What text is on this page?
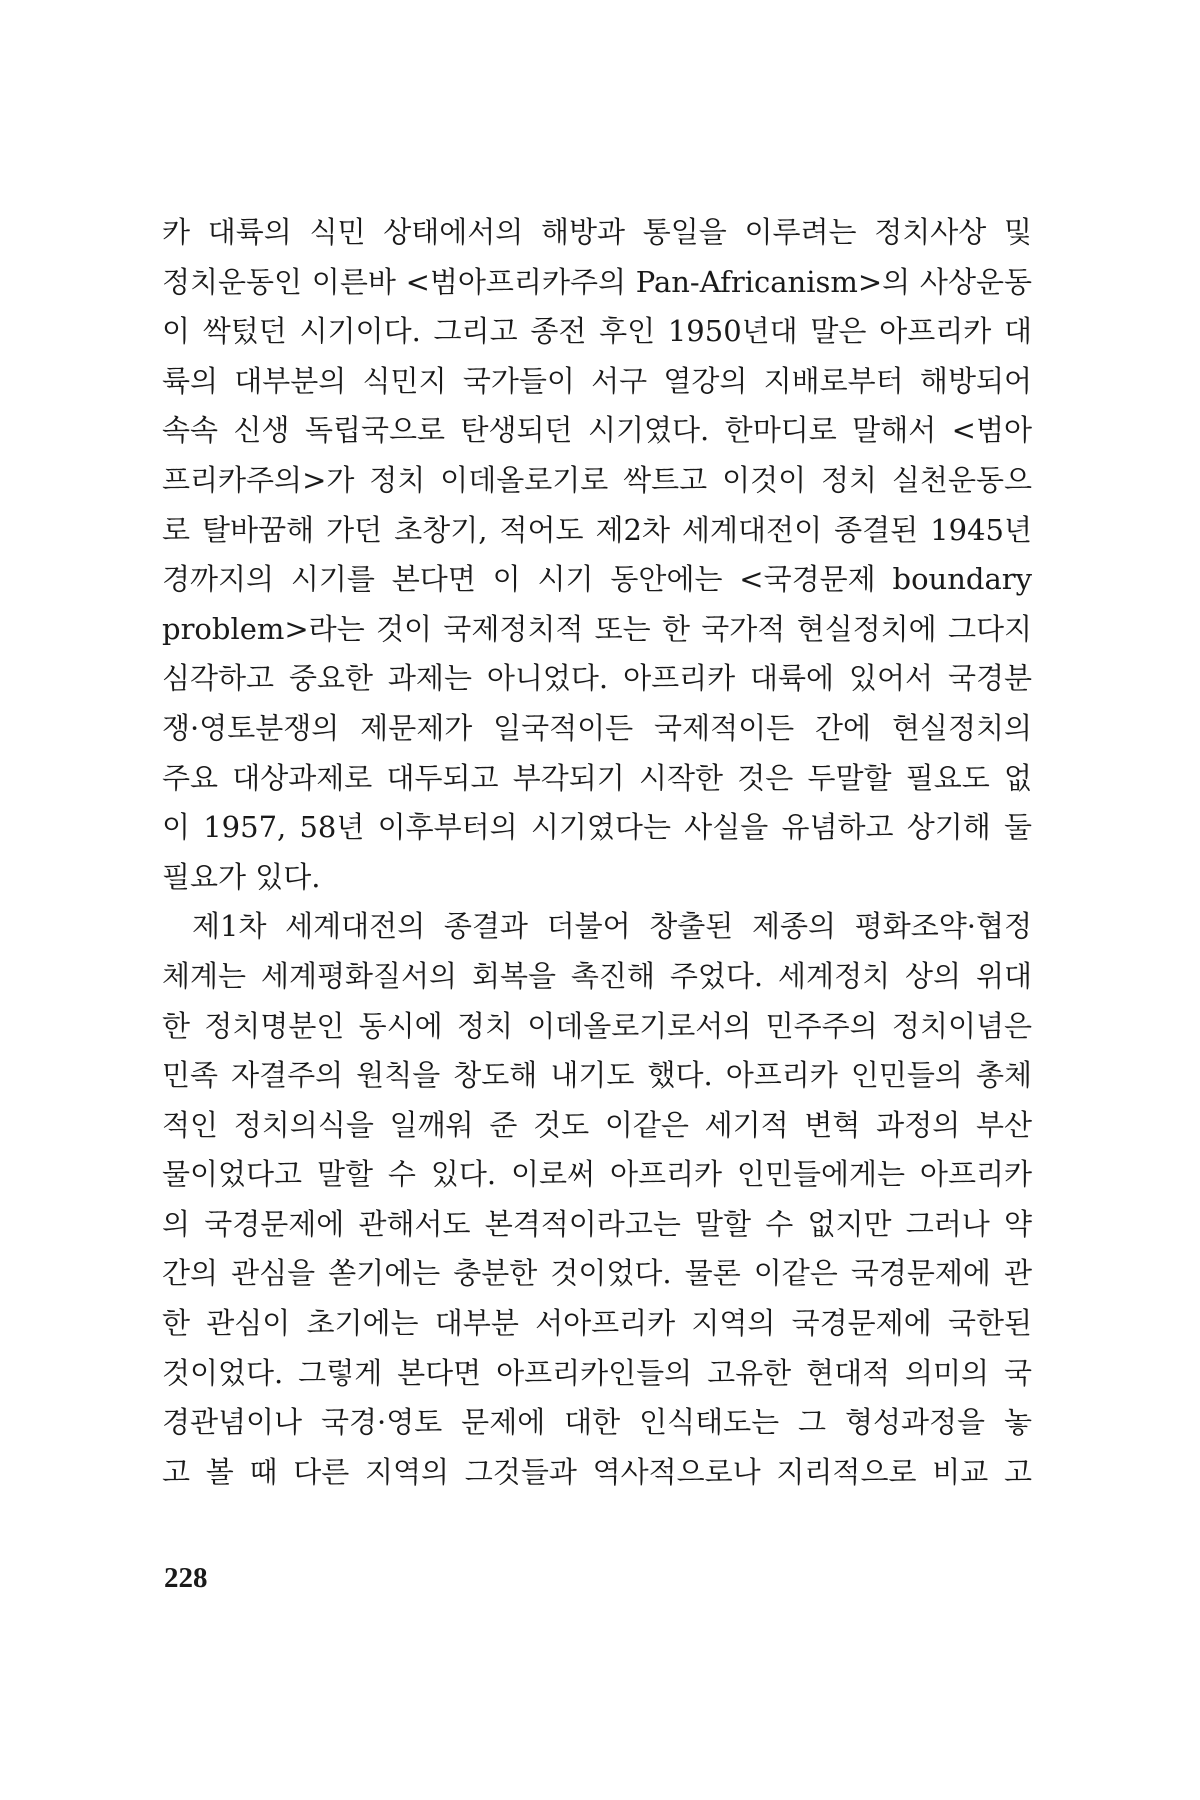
카 대륙의 식민 상태에서의 해방과 통일을 이루려는 정치사상 및
정치운동인 이른바 <범아프리카주의 Pan-Africanism>의 사상운동
이 싹텄던 시기이다. 그리고 종전 후인 1950년대 말은 아프리카 대
륙의 대부분의 식민지 국가들이 서구 열강의 지배로부터 해방되어
속속 신생 독립국으로 탄생되던 시기였다. 한마디로 말해서 <범아
프리카주의>가 정치 이데올로기로 싹트고 이것이 정치 실천운동으
로 탈바꿈해 가던 초창기, 적어도 제2차 세계대전이 종결된 1945년
경까지의 시기를 본다면 이 시기 동안에는 <국경문제 boundary
problem>라는 것이 국제정치적 또는 한 국가적 현실정치에 그다지
심각하고 중요한 과제는 아니었다. 아프리카 대륙에 있어서 국경분
쟁·영토분쟁의 제문제가 일국적이든 국제적이든 간에 현실정치의
주요 대상과제로 대두되고 부각되기 시작한 것은 두말할 필요도 없
이 1957, 58년 이후부터의 시기였다는 사실을 유념하고 상기해 둘
필요가 있다.
제1차 세계대전의 종결과 더불어 창출된 제종의 평화조약·협정
체계는 세계평화질서의 회복을 촉진해 주었다. 세계정치 상의 위대
한 정치명분인 동시에 정치 이데올로기로서의 민주주의 정치이념은
민족 자결주의 원칙을 창도해 내기도 했다. 아프리카 인민들의 총체
적인 정치의식을 일깨워 준 것도 이같은 세기적 변혁 과정의 부산
물이었다고 말할 수 있다. 이로써 아프리카 인민들에게는 아프리카
의 국경문제에 관해서도 본격적이라고는 말할 수 없지만 그러나 약
간의 관심을 쏟기에는 충분한 것이었다. 물론 이같은 국경문제에 관
한 관심이 초기에는 대부분 서아프리카 지역의 국경문제에 국한된
것이었다. 그렇게 본다면 아프리카인들의 고유한 현대적 의미의 국
경관념이나 국경·영토 문제에 대한 인식태도는 그 형성과정을 놓
고 볼 때 다른 지역의 그것들과 역사적으로나 지리적으로 비교 고
228
